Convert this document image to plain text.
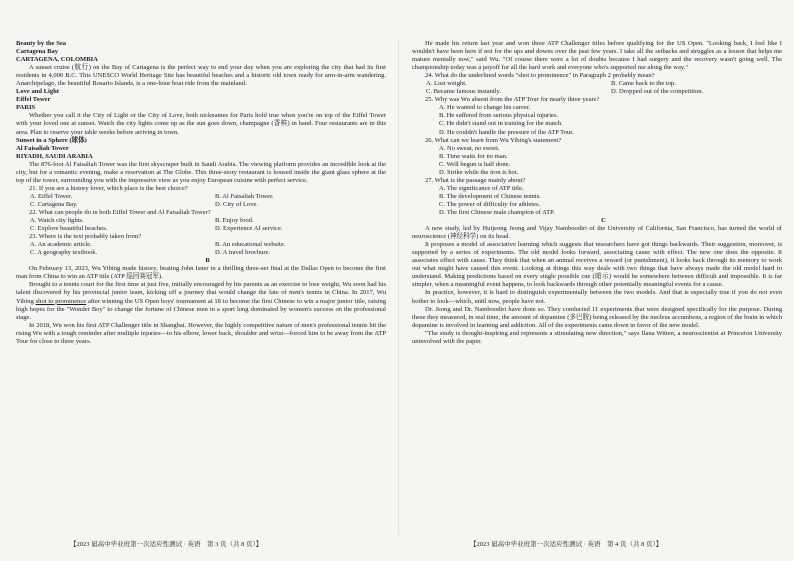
Beauty by the Sea

Cartagena Bay

CARTAGENA, COLOMBIA

A sunset cruise (航行) on the Bay of Cartagena is the perfect way to end your day when you are exploring the city that had its first residents in 4,000 B.C. This UNESCO World Heritage Site has beautiful beaches and a historic old town ready for arm-in-arm wandering. Anarchipelago, the beautiful Rosario Islands, is a one-hour boat ride from the mainland.

Love and Light

Eiffel Tower

PARIS

Whether you call it the City of Light or the City of Love, both nicknames for Paris hold true when you're on top of the Eiffel Tower with your loved one at sunset. Watch the city lights come up as the sun goes down, champagne (香槟) in hand. Four restaurants are in this area. Plan to reserve your table weeks before arriving in town.

Sunset in a Sphere (球体)

Al Faisaliah Tower

RIYADH, SAUDI ARABIA

The 876-foot Al Faisaliah Tower was the first skyscraper built in Saudi Arabia. The viewing platform provides an incredible look at the city, but for a romantic evening, make a reservation at The Globe. This three-story restaurant is housed inside the giant glass sphere at the top of the tower, surrounding you with the impressive view as you enjoy European cuisine with perfect service.

21. If you are a history lover, which place is the best choice?

A. Eiffel Tower.	B. Al Faisaliah Tower.
C. Cartagena Bay.	D. City of Love.

22. What can people do in both Eiffel Tower and Al Faisaliah Tower?

A. Watch city lights.	B. Enjoy food.
C. Explore beautiful beaches.	D. Experience AI service.

23. Where is the text probably taken from?

A. An academic article.	B. An educational website.
C. A geography textbook.	D. A travel brochure.

B

On February 13, 2023, Wu Yibing made history, beating John Isner in a thrilling three-set final at the Dallas Open to become the first man from China to win an ATP title (ATP 巡回赛冠军).

Brought to a tennis court for the first time at just five, initially encouraged by his parents as an exercise to lose weight, Wu soon had his talent discovered by his provincial junior team, kicking off a journey that would change the fate of men's tennis in China. In 2017, Wu Yibing shot to prominence after winning the US Open boys' tournament at 18 to become the first Chinese to win a major junior title, raising high hopes for the "Wonder Boy" to change the fortune of Chinese men in a sport long dominated by women's success on the professional stage.

In 2018, Wu won his first ATP Challenger title in Shanghai. However, the highly competitive nature of men's professional tennis hit the rising Wu with a tough reminder after multiple injuries—to his elbow, lower back, shoulder and wrist—forced him to be away from the ATP Tour for close to three years.

He made his return last year and won three ATP Challenger titles before qualifying for the US Open. "Looking back, I feel like I wouldn't have been here if not for the ups and downs over the past few years. I take all the setbacks and struggles as a lesson that helps me mature mentally now," said Wu. "Of course there were a lot of doubts because I had surgery and the recovery wasn't going well. The championship today was a payoff for all the hard work and everyone who's supported me along the way."

24. What do the underlined words "shot to prominence" in Paragraph 2 probably mean?

A. Lost weight.	B. Came back to the top.
C. Became famous instantly.	D. Dropped out of the competition.

25. Why was Wu absent from the ATP Tour for nearly three years?

A. He wanted to change his career.

B. He suffered from serious physical injuries.

C. He didn't stand out in training for the match.

D. He couldn't handle the pressure of the ATP Tour.

26. What can we learn from Wu Yibing's statement?

A. No sweat, no sweet.

B. Time waits for no man.

C. Well begun is half done.

D. Strike while the iron is hot.

27. What is the passage mainly about?

A. The significance of ATP title.

B. The development of Chinese tennis.

C. The power of difficulty for athletes.

D. The first Chinese male champion of ATP.

C

A new study, led by Huijeong Jeong and Vijay Namboodiri of the University of California, San Francisco, has turned the world of neuroscience (神经科学) on its head.

It proposes a model of associative learning which suggests that researchers have got things backwards. Their suggestion, moreover, is supported by a series of experiments. The old model looks forward, associating cause with effect. The new one does the opposite. It associates effect with cause. They think that when an animal receives a reward (or punishment), it looks back through its memory to work out what might have caused this event. Looking at things this way deals with two things that have always made the old model hard to understand. Making predictions based on every single possible cue (暗示) would be somewhere between difficult and impossible. It is far simpler, when a meaningful event happens, to look backwards through other potentially meaningful events for a cause.

In practice, however, it is hard to distinguish experimentally between the two models. And that is especially true if you do not even bother to look—which, until now, people have not.

Dr. Jeong and Dr. Namboodiri have done so. They conducted 11 experiments that were designed specifically for the purpose. During these they measured, in real time, the amount of dopamine (多巴胺) being released by the nucleus accumbens, a region of the brain in which dopamine is involved in learning and addiction. All of the experiments came down in favor of the new model.

"The study is thought-inspiring and represents a stimulating new direction," says Ilana Witten, a neuroscientist at Princeton University uninvolved with the paper.

【2023 届高中毕业班第一次适应性测试 · 英语　第 3 页（共 8 页）】	【2023 届高中毕业班第一次适应性测试 · 英语　第 4 页（共 8 页）】
